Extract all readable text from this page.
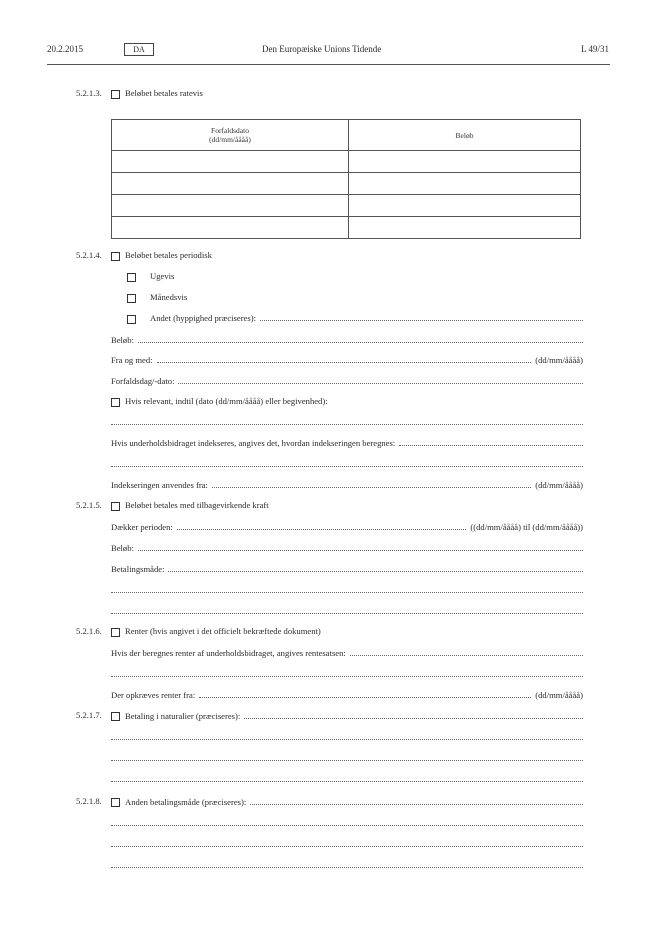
20.2.2015	DA	Den Europæiske Unions Tidende	L 49/31
5.2.1.3.	Beløbet betales ratevis
Forfaldsdato
(dd/mm/åååå)	Beløb

5.2.1.4.	Beløbet betales periodisk
Ugevis
Månedsvis
Andet (hyppighed præciseres):
Beløb:
Fra og med:	(dd/mm/åååå)
Forfaldsdag/-dato:
Hvis relevant, indtil (dato (dd/mm/åååå) eller begivenhed):
Hvis underholdsbidraget indekseres, angives det, hvordan indekseringen beregnes:
Indekseringen anvendes fra:	(dd/mm/åååå)
5.2.1.5.	Beløbet betales med tilbagevirkende kraft
Dækker perioden:	((dd/mm/åååå) til (dd/mm/åååå))
Beløb:
Betalingsmåde:
5.2.1.6.	Renter (hvis angivet i det officielt bekræftede dokument)
Hvis der beregnes renter af underholdsbidraget, angives rentesatsen:
Der opkræves renter fra:	(dd/mm/åååå)
5.2.1.7.	Betaling i naturalier (præciseres):
5.2.1.8.	Anden betalingsmåde (præciseres):
